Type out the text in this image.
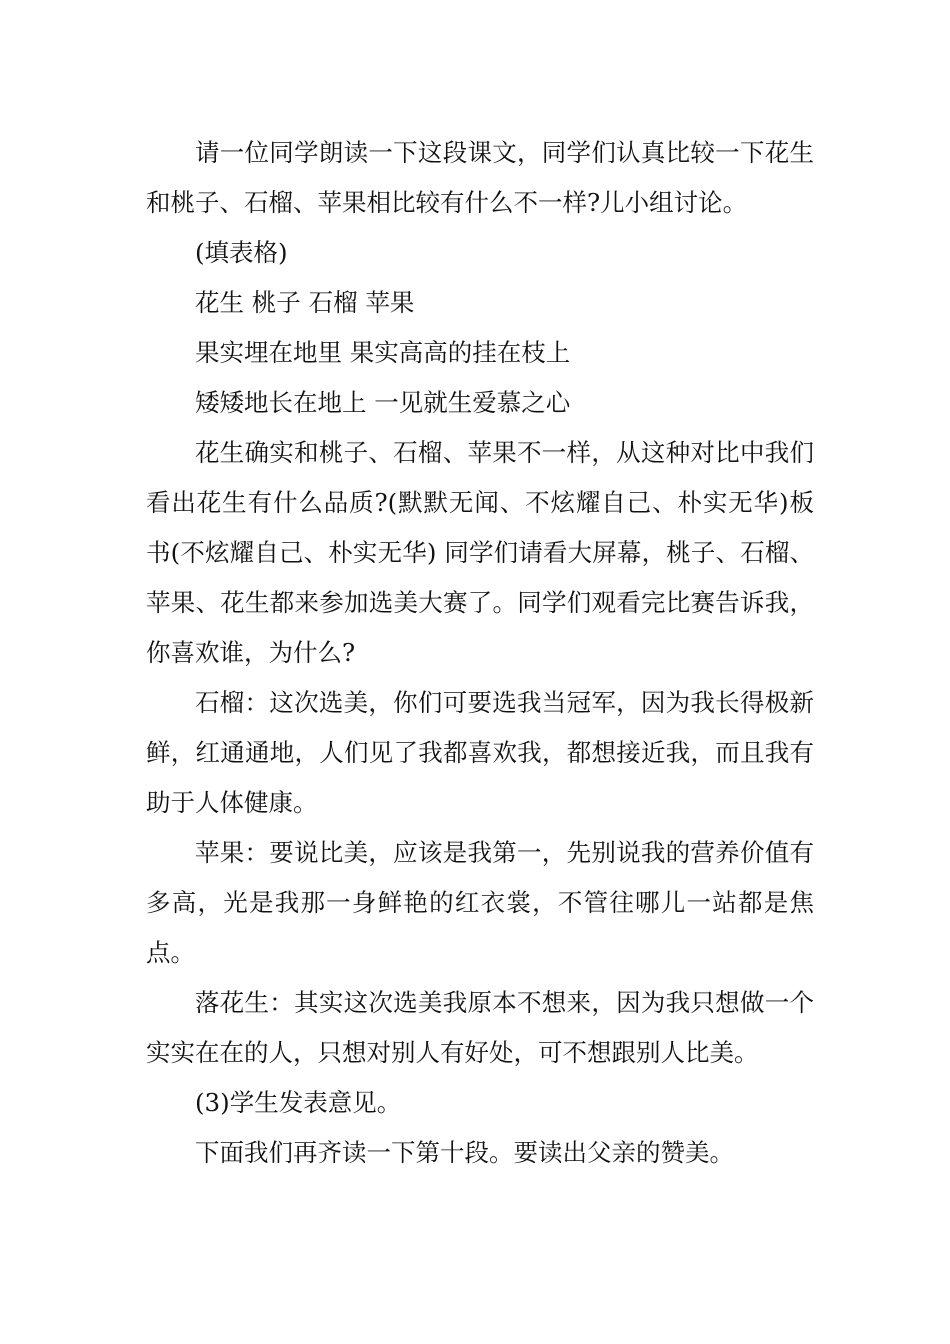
请一位同学朗读一下这段课文，同学们认真比较一下花生和桃子、石榴、苹果相比较有什么不一样?儿小组讨论。

(填表格)

花生 桃子 石榴 苹果

果实埋在地里 果实高高的挂在枝上

矮矮地长在地上 一见就生爱慕之心

花生确实和桃子、石榴、苹果不一样，从这种对比中我们看出花生有什么品质?(默默无闻、不炫耀自己、朴实无华)板书(不炫耀自己、朴实无华) 同学们请看大屏幕，桃子、石榴、苹果、花生都来参加选美大赛了。同学们观看完比赛告诉我，你喜欢谁，为什么?

石榴：这次选美，你们可要选我当冠军，因为我长得极新鲜，红通通地，人们见了我都喜欢我，都想接近我，而且我有助于人体健康。

苹果：要说比美，应该是我第一，先别说我的营养价值有多高，光是我那一身鲜艳的红衣裳，不管往哪儿一站都是焦点。

落花生：其实这次选美我原本不想来，因为我只想做一个实实在在的人，只想对别人有好处，可不想跟别人比美。

(3)学生发表意见。

下面我们再齐读一下第十段。要读出父亲的赞美。
